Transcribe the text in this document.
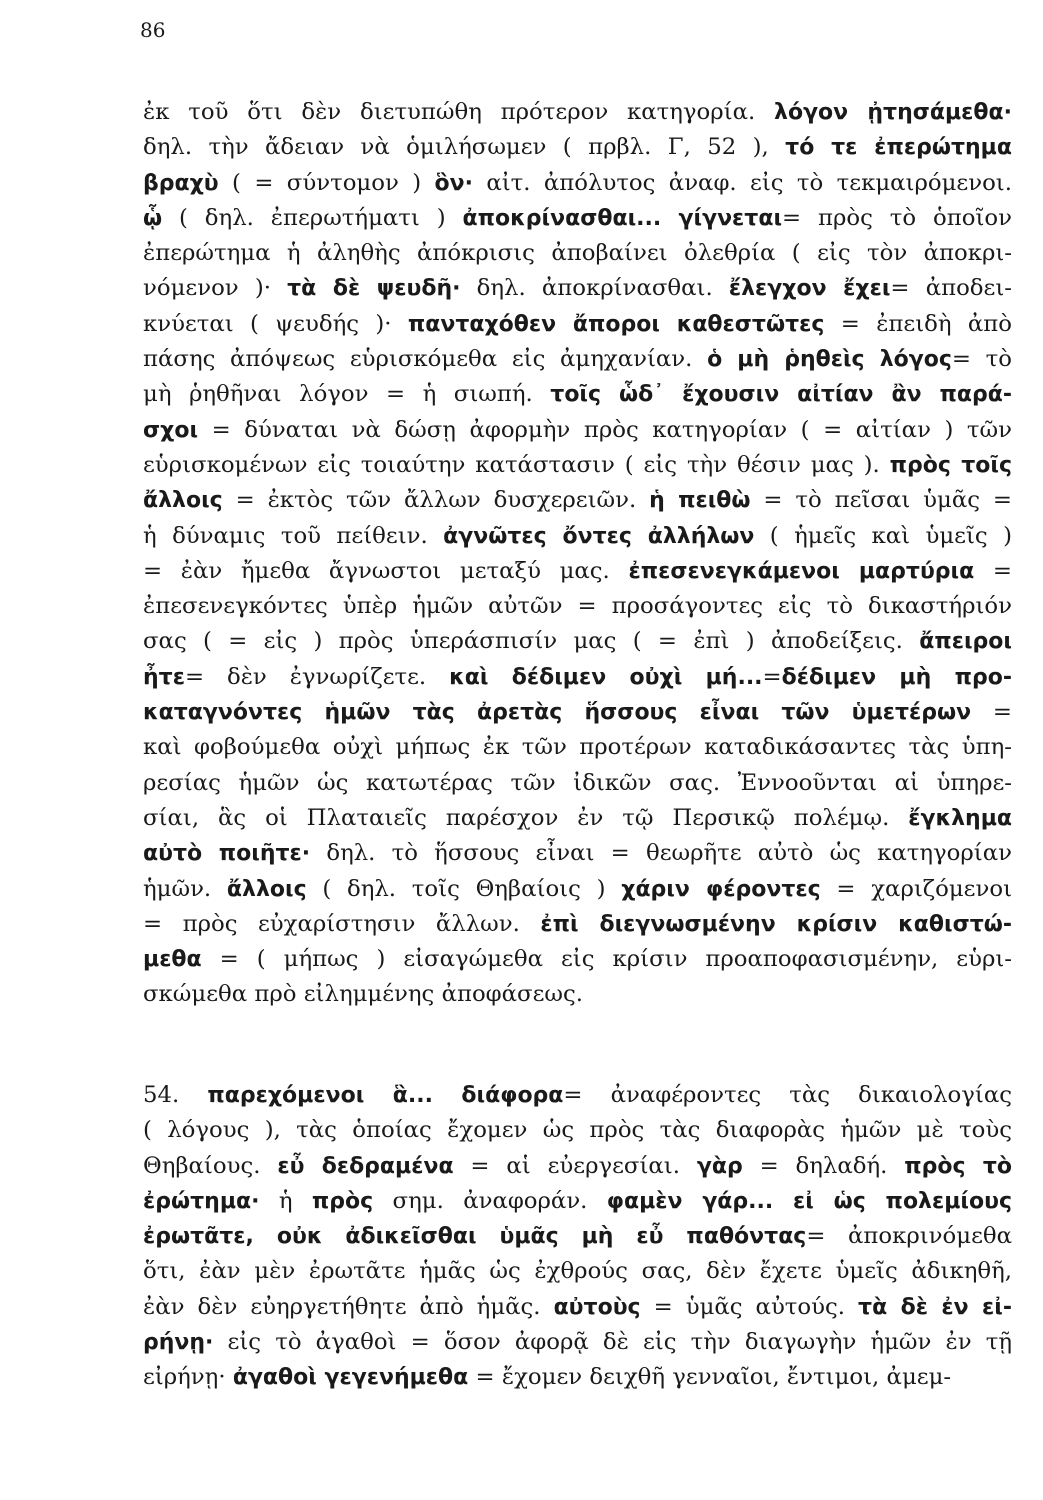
86
ἐκ τοῦ ὅτι δὲν διετυπώθη πρότερον κατηγορία. λόγον ᾐτησάμεθα·
δηλ. τὴν ἄδειαν νὰ ὁμιλήσωμεν ( πρβλ. Γ, 52 ), τό τε ἐπερώτημα
βραχὺ ( = σύντομον ) ὃν· αἰτ. ἀπόλυτος ἀναφ. εἰς τὸ τεκμαιρόμενοι.
ᾧ ( δηλ. ἐπερωτήματι ) ἀποκρίνασθαι... γίγνεται= πρὸς τὸ ὁποῖον
ἐπερώτημα ἡ ἀληθὴς ἀπόκρισις ἀποβαίνει ὀλεθρία ( εἰς τὸν ἀποκρι-
νόμενον )· τὰ δὲ ψευδῆ· δηλ. ἀποκρίνασθαι. ἔλεγχον ἔχει= ἀποδει-
κνύεται ( ψευδής )· πανταχόθεν ἄποροι καθεστῶτες = ἐπειδὴ ἀπὸ
πάσης ἀπόψεως εὑρισκόμεθα εἰς ἀμηχανίαν. ὁ μὴ ῥηθεὶς λόγος= τὸ
μὴ ῥηθῆναι λόγον = ἡ σιωπή. τοῖς ὧδ᾽ ἔχουσιν αἰτίαν ἂν παρά-
σχοι = δύναται νὰ δώσῃ ἀφορμὴν πρὸς κατηγορίαν ( = αἰτίαν ) τῶν
εὑρισκομένων εἰς τοιαύτην κατάστασιν ( εἰς τὴν θέσιν μας ). πρὸς τοῖς
ἄλλοις = ἐκτὸς τῶν ἄλλων δυσχερειῶν. ἡ πειθὼ = τὸ πεῖσαι ὑμᾶς =
ἡ δύναμις τοῦ πείθειν. ἀγνῶτες ὄντες ἀλλήλων ( ἡμεῖς καὶ ὑμεῖς )
= ἐὰν ἤμεθα ἄγνωστοι μεταξύ μας. ἐπεσενεγκάμενοι μαρτύρια =
ἐπεσενεγκόντες ὑπὲρ ἡμῶν αὐτῶν = προσάγοντες εἰς τὸ δικαστήριόν
σας ( = εἰς ) πρὸς ὑπεράσπισίν μας ( = ἐπὶ ) ἀποδείξεις. ἄπειροι
ἦτε= δὲν ἐγνωρίζετε. καὶ δέδιμεν οὐχὶ μή...=δέδιμεν μὴ προ-
καταγνόντες ἡμῶν τὰς ἀρετὰς ἥσσους εἶναι τῶν ὑμετέρων =
καὶ φοβούμεθα οὐχὶ μήπως ἐκ τῶν προτέρων καταδικάσαντες τὰς ὑπη-
ρεσίας ἡμῶν ὡς κατωτέρας τῶν ἰδικῶν σας. Ἐννοοῦνται αἱ ὑπηρε-
σίαι, ἃς οἱ Πλαταιεῖς παρέσχον ἐν τῷ Περσικῷ πολέμῳ. ἔγκλημα
αὐτὸ ποιῆτε· δηλ. τὸ ἥσσους εἶναι = θεωρῆτε αὐτὸ ὡς κατηγορίαν
ἡμῶν. ἄλλοις ( δηλ. τοῖς Θηβαίοις ) χάριν φέροντες = χαριζόμενοι
= πρὸς εὐχαρίστησιν ἄλλων. ἐπὶ διεγνωσμένην κρίσιν καθιστώ-
μεθα = ( μήπως ) εἰσαγώμεθα εἰς κρίσιν προαποφασισμένην, εὑρι-
σκώμεθα πρὸ εἰλημμένης ἀποφάσεως.
54. παρεχόμενοι ἃ... διάφορα= ἀναφέροντες τὰς δικαιολογίας
( λόγους ), τὰς ὁποίας ἔχομεν ὡς πρὸς τὰς διαφορὰς ἡμῶν μὲ τοὺς
Θηβαίους. εὖ δεδραμένα = αἱ εὐεργεσίαι. γὰρ = δηλαδή. πρὸς τὸ
ἐρώτημα· ἡ πρὸς σημ. ἀναφοράν. φαμὲν γάρ... εἰ ὡς πολεμίους
ἐρωτᾶτε, οὐκ ἀδικεῖσθαι ὑμᾶς μὴ εὖ παθόντας= ἀποκρινόμεθα
ὅτι, ἐὰν μὲν ἐρωτᾶτε ἡμᾶς ὡς ἐχθρούς σας, δὲν ἔχετε ὑμεῖς ἀδικηθῆ,
ἐὰν δὲν εὐηργετήθητε ἀπὸ ἡμᾶς. αὐτοὺς = ὑμᾶς αὐτούς. τὰ δὲ ἐν εἰ-
ρήνῃ· εἰς τὸ ἀγαθοὶ = ὅσον ἀφορᾷ δὲ εἰς τὴν διαγωγὴν ἡμῶν ἐν τῇ
εἰρήνῃ· ἀγαθοὶ γεγενήμεθα = ἔχομεν δειχθῆ γενναῖοι, ἔντιμοι, ἀμεμ-
